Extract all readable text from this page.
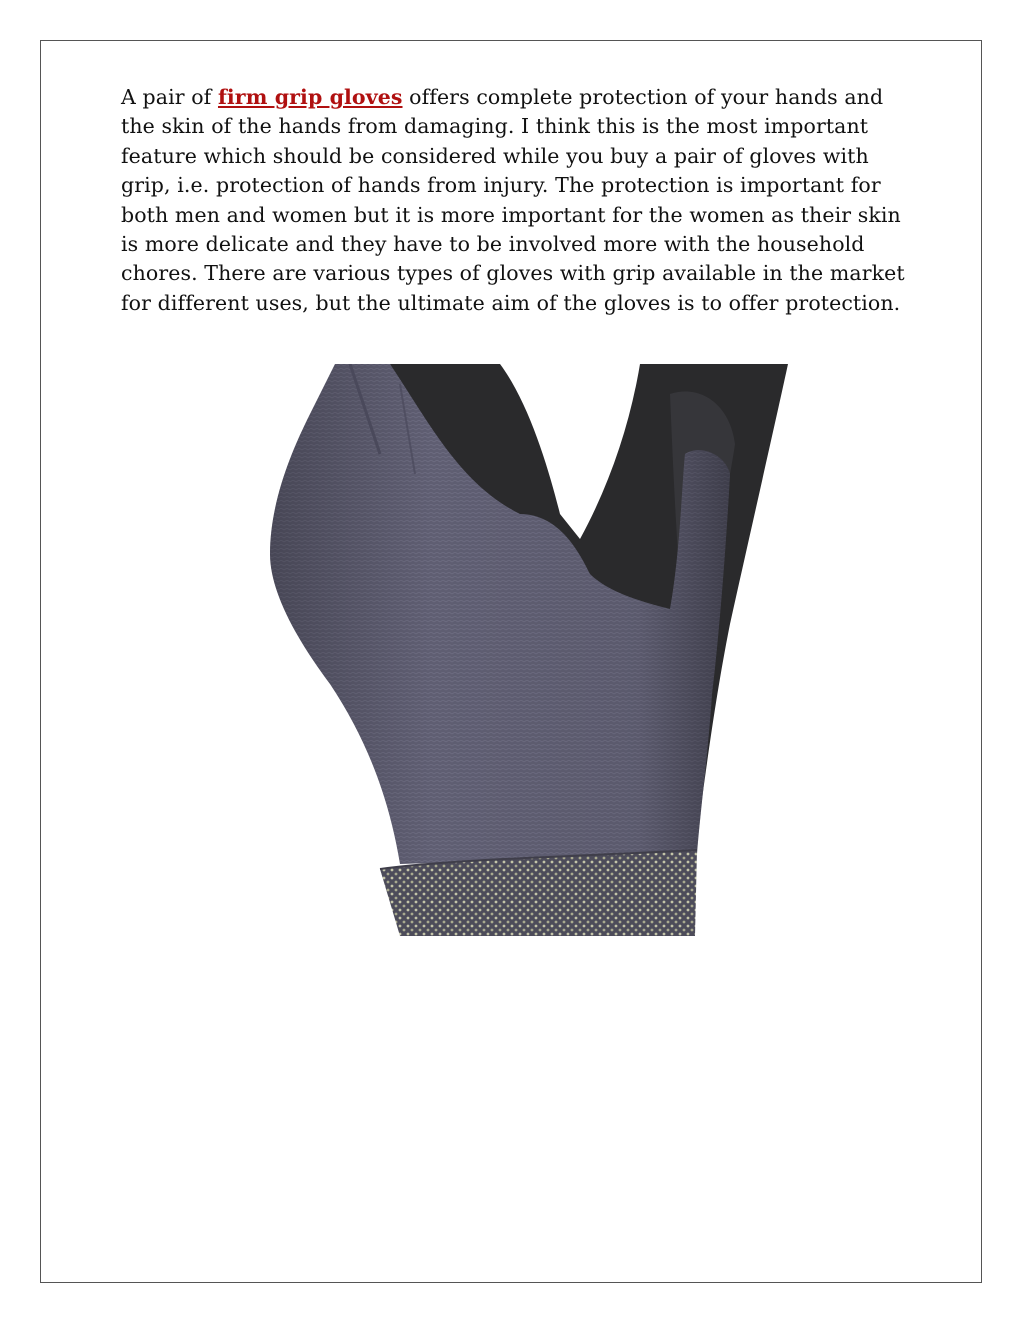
A pair of firm grip gloves offers complete protection of your hands and the skin of the hands from damaging. I think this is the most important feature which should be considered while you buy a pair of gloves with grip, i.e. protection of hands from injury. The protection is important for both men and women but it is more important for the women as their skin is more delicate and they have to be involved more with the household chores. There are various types of gloves with grip available in the market for different uses, but the ultimate aim of the gloves is to offer protection.
